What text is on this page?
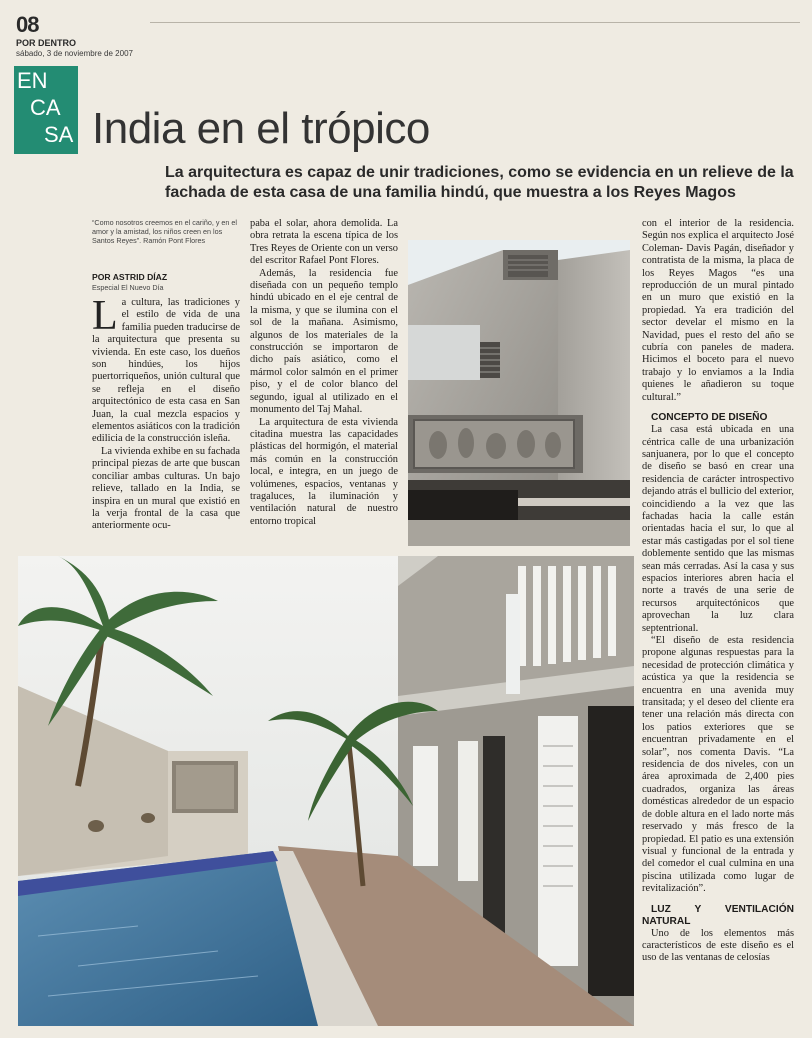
08
POR DENTRO
sábado, 3 de noviembre de 2007
EN
CA
SA India en el trópico
La arquitectura es capaz de unir tradiciones, como se evidencia en un relieve de la fachada de esta casa de una familia hindú, que muestra a los Reyes Magos
“Como nosotros creemos en el cariño, y en el amor y la amistad, los niños creen en los Santos Reyes”. Ramón Pont Flores
POR ASTRID DÍAZ
Especial El Nuevo Día

La cultura, las tradiciones y el estilo de vida de una familia pueden traducirse de la arquitectura que presenta su vivienda. En este caso, los dueños son hindúes, los hijos puertorriqueños, unión cultural que se refleja en el diseño arquitectónico de esta casa en San Juan, la cual mezcla espacios y elementos asiáticos con la tradición edilicia de la construcción isleña.

La vivienda exhibe en su fachada principal piezas de arte que buscan conciliar ambas culturas. Un bajo relieve, tallado en la India, se inspira en un mural que existió en la verja frontal de la casa que anteriormente ocu-

paba el solar, ahora demolida. La obra retrata la escena típica de los Tres Reyes de Oriente con un verso del escritor Rafael Pont Flores.

Además, la residencia fue diseñada con un pequeño templo hindú ubicado en el eje central de la misma, y que se ilumina con el sol de la mañana. Asimismo, algunos de los materiales de la construcción se importaron de dicho país asiático, como el mármol color salmón en el primer piso, y el de color blanco del segundo, igual al utilizado en el monumento del Taj Mahal.

La arquitectura de esta vivienda citadina muestra las capacidades plásticas del hormigón, el material más común en la construcción local, e integra, en un juego de volúmenes, espacios, ventanas y tragaluces, la iluminación y ventilación natural de nuestro entorno tropical

con el interior de la residencia. Según nos explica el arquitecto José Coleman- Davis Pagán, diseñador y contratista de la misma, la placa de los Reyes Magos “es una reproducción de un mural pintado en un muro que existió en la propiedad. Ya era tradición del sector develar el mismo en la Navidad, pues el resto del año se cubría con paneles de madera. Hicimos el boceto para el nuevo trabajo y lo enviamos a la India quienes le añadieron su toque cultural.”

CONCEPTO DE DISEÑO

La casa está ubicada en una céntrica calle de una urbanización sanjuanera, por lo que el concepto de diseño se basó en crear una residencia de carácter introspectivo dejando atrás el bullicio del exterior, coincidiendo a la vez que las fachadas hacia la calle están orientadas hacia el sur, lo que al estar más castigadas por el sol tiene doblemente sentido que las mismas sean más cerradas. Así la casa y sus espacios interiores abren hacia el norte a través de una serie de recursos arquitectónicos que aprovechan la luz clara septentrional.

“El diseño de esta residencia propone algunas respuestas para la necesidad de protección climática y acústica ya que la residencia se encuentra en una avenida muy transitada; y el deseo del cliente era tener una relación más directa con los patios exteriores que se encuentran privadamente en el solar”, nos comenta Davis. “La residencia de dos niveles, con un área aproximada de 2,400 pies cuadrados, organiza las áreas domésticas alrededor de un espacio de doble altura en el lado norte más reservado y más fresco de la propiedad. El patio es una extensión visual y funcional de la entrada y del comedor el cual culmina en una piscina utilizada como lugar de revitalización”.

LUZ Y VENTILACIÓN NATURAL

Uno de los elementos más característicos de este diseño es el uso de las ventanas de celosías
